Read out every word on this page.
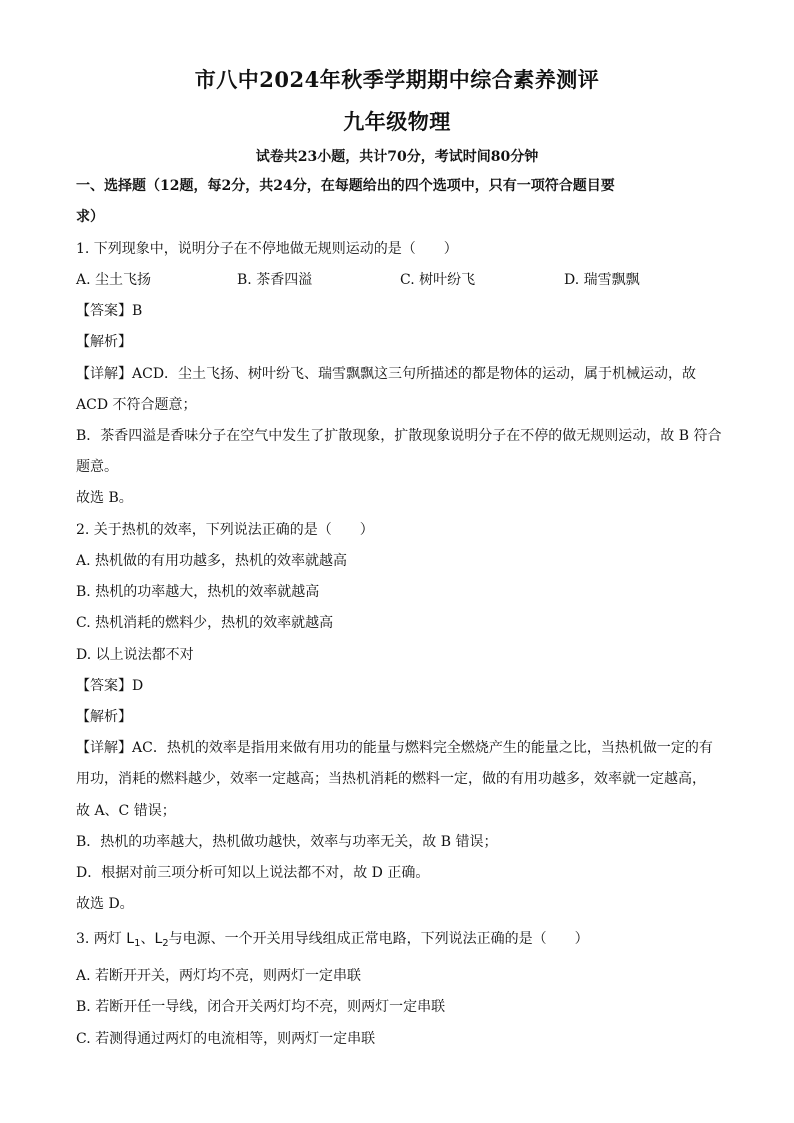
市八中2024年秋季学期期中综合素养测评
九年级物理
试卷共23小题，共计70分，考试时间80分钟
一、选择题（12题，每2分，共24分，在每题给出的四个选项中，只有一项符合题目要
求）
1. 下列现象中，说明分子在不停地做无规则运动的是（　　）
A. 尘土飞扬	B. 茶香四溢	C. 树叶纷飞	D. 瑞雪飘飘
【答案】B
【解析】
【详解】ACD．尘土飞扬、树叶纷飞、瑞雪飘飘这三句所描述的都是物体的运动，属于机械运动，故
ACD 不符合题意；
B．茶香四溢是香味分子在空气中发生了扩散现象，扩散现象说明分子在不停的做无规则运动，故 B 符合
题意。
故选 B。
2. 关于热机的效率，下列说法正确的是（　　）
A. 热机做的有用功越多，热机的效率就越高
B. 热机的功率越大，热机的效率就越高
C. 热机消耗的燃料少，热机的效率就越高
D. 以上说法都不对
【答案】D
【解析】
【详解】AC．热机的效率是指用来做有用功的能量与燃料完全燃烧产生的能量之比，当热机做一定的有
用功，消耗的燃料越少，效率一定越高；当热机消耗的燃料一定，做的有用功越多，效率就一定越高，
故 A、C 错误；
B．热机的功率越大，热机做功越快，效率与功率无关，故 B 错误；
D．根据对前三项分析可知以上说法都不对，故 D 正确。
故选 D。
3. 两灯 $L_1$、$L_2$与电源、一个开关用导线组成正常电路，下列说法正确的是（　　）
A. 若断开开关，两灯均不亮，则两灯一定串联
B. 若断开任一导线，闭合开关两灯均不亮，则两灯一定串联
C. 若测得通过两灯的电流相等，则两灯一定串联
